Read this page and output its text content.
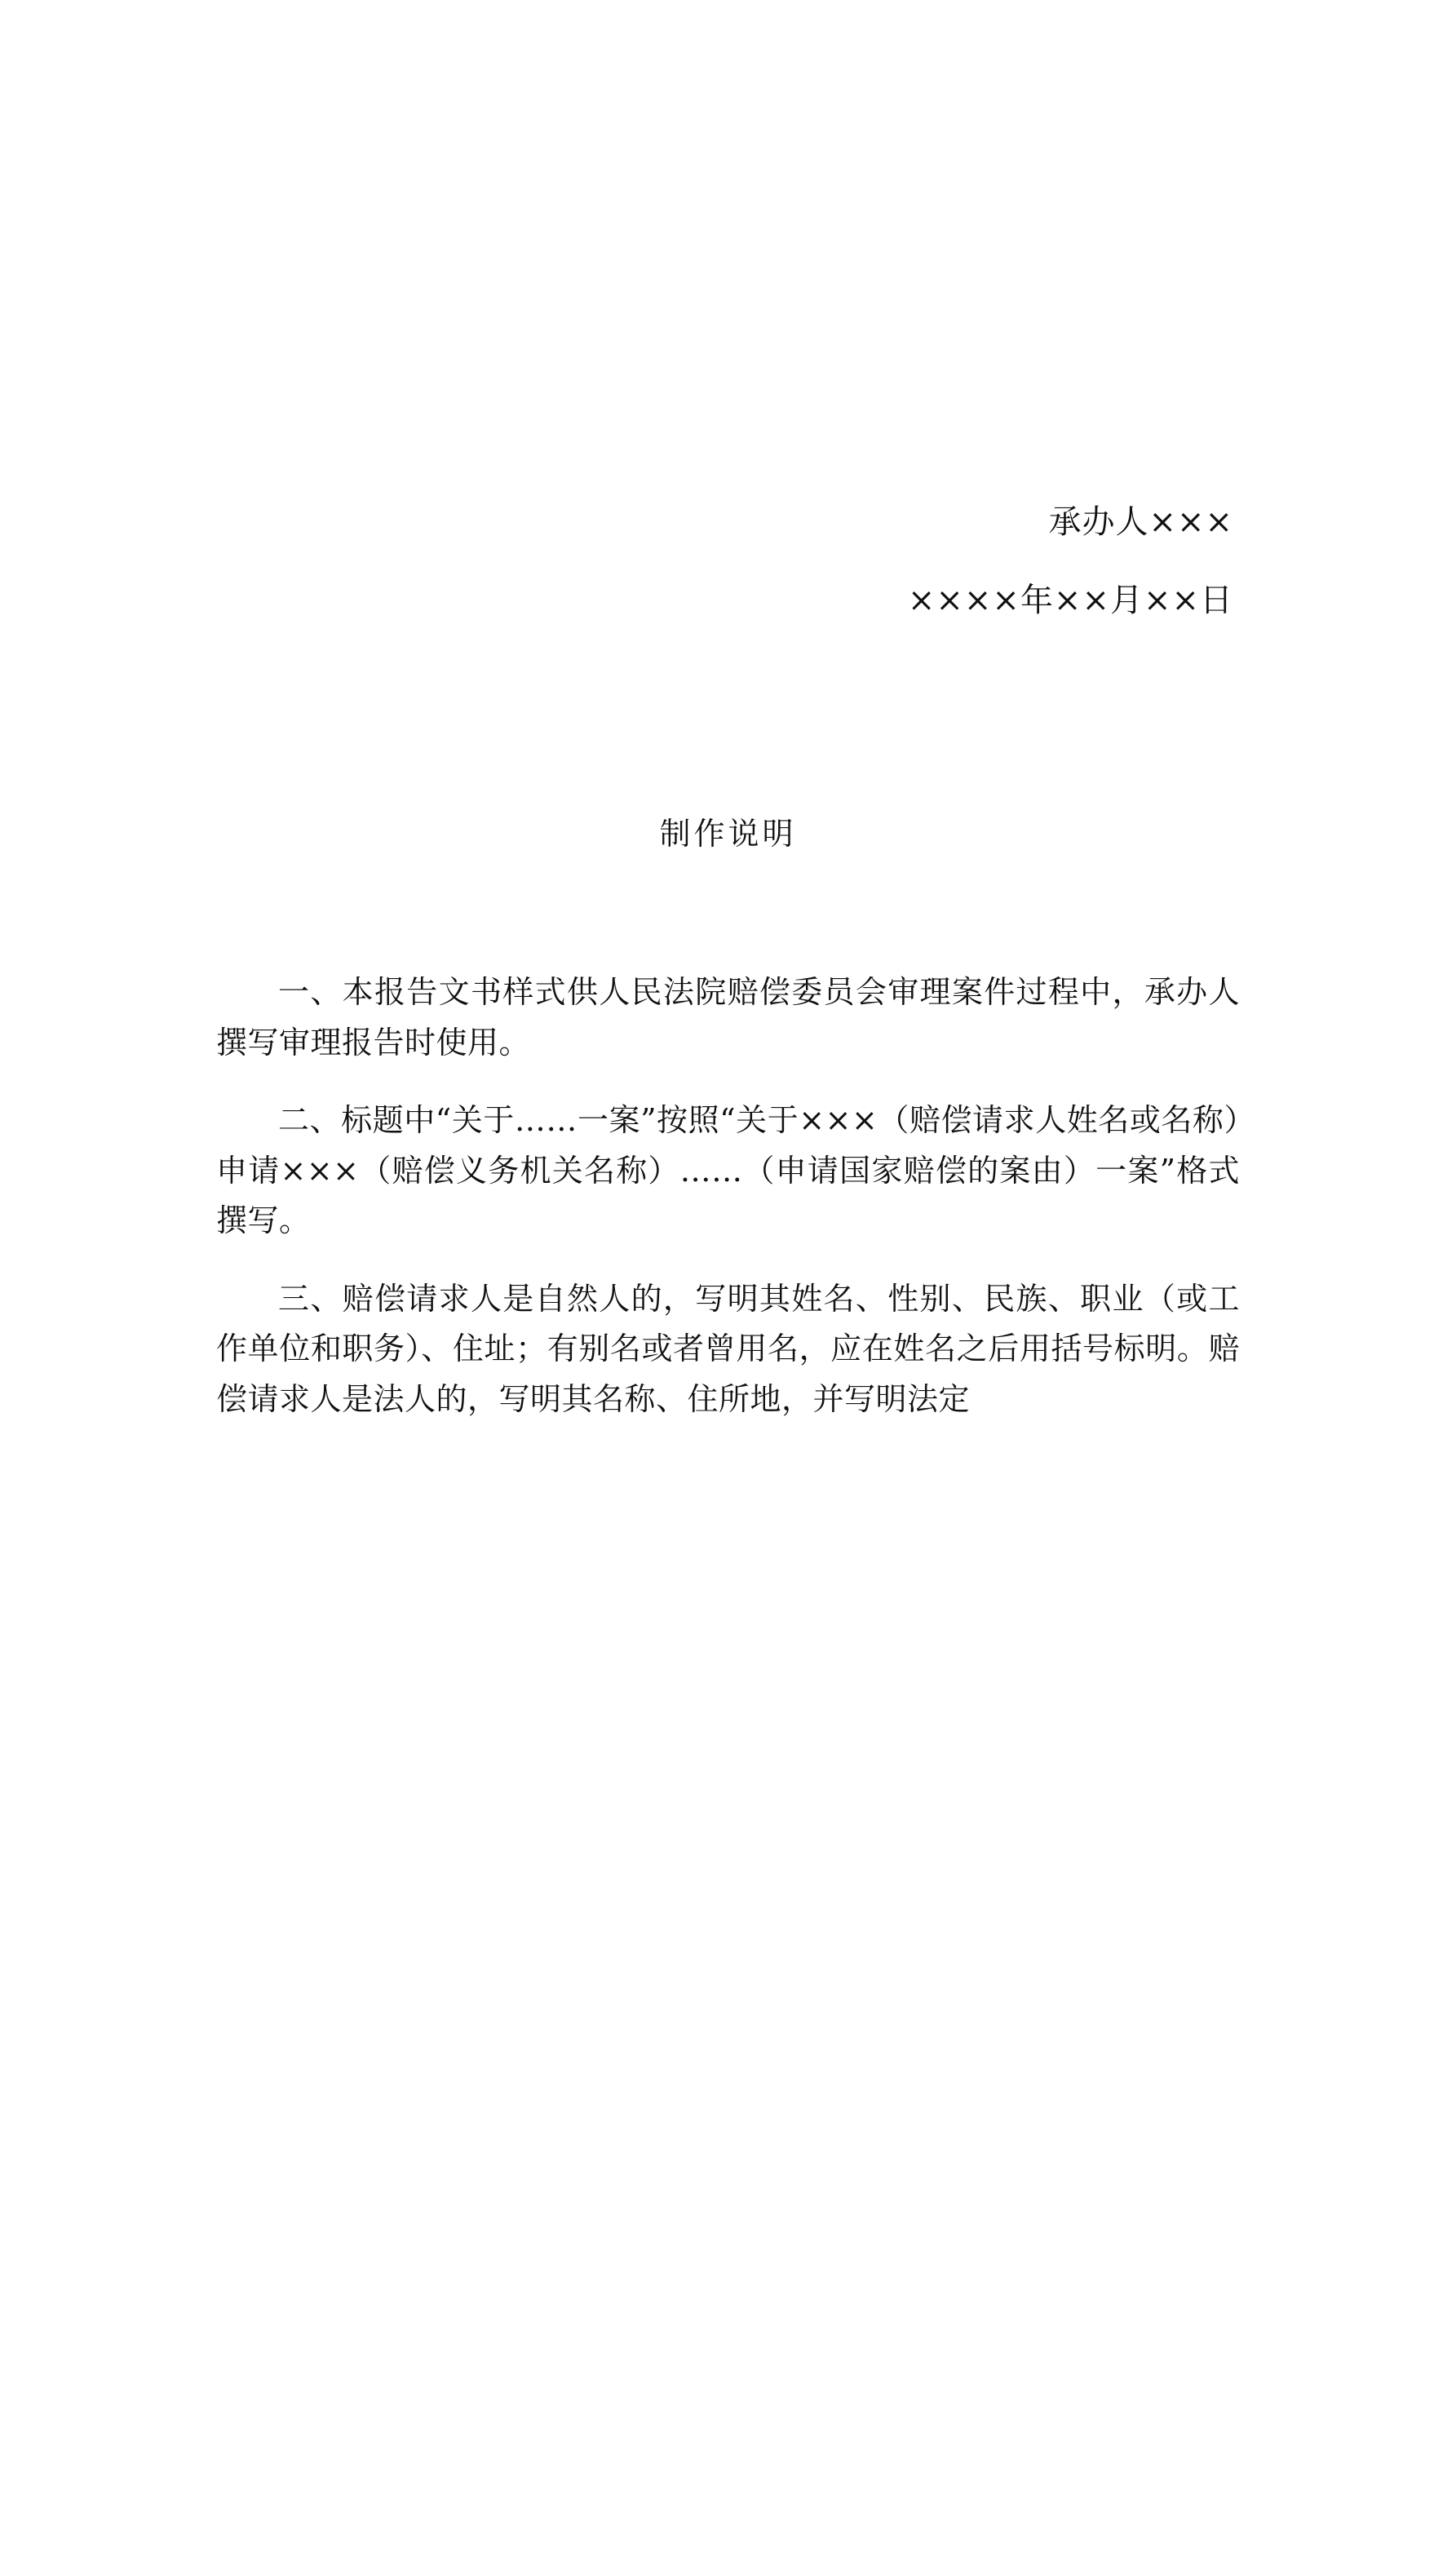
承办人×××
××××年××月××日
制作说明

一、本报告文书样式供人民法院赔偿委员会审理案件过程中，承办人撰写审理报告时使用。

二、标题中“关于……一案”按照“关于×××（赔偿请求人姓名或名称）申请×××（赔偿义务机关名称）……（申请国家赔偿的案由）一案”格式撰写。

三、赔偿请求人是自然人的，写明其姓名、性别、民族、职业（或工作单位和职务）、住址；有别名或者曾用名，应在姓名之后用括号标明。赔偿请求人是法人的，写明其名称、住所地，并写明法定
